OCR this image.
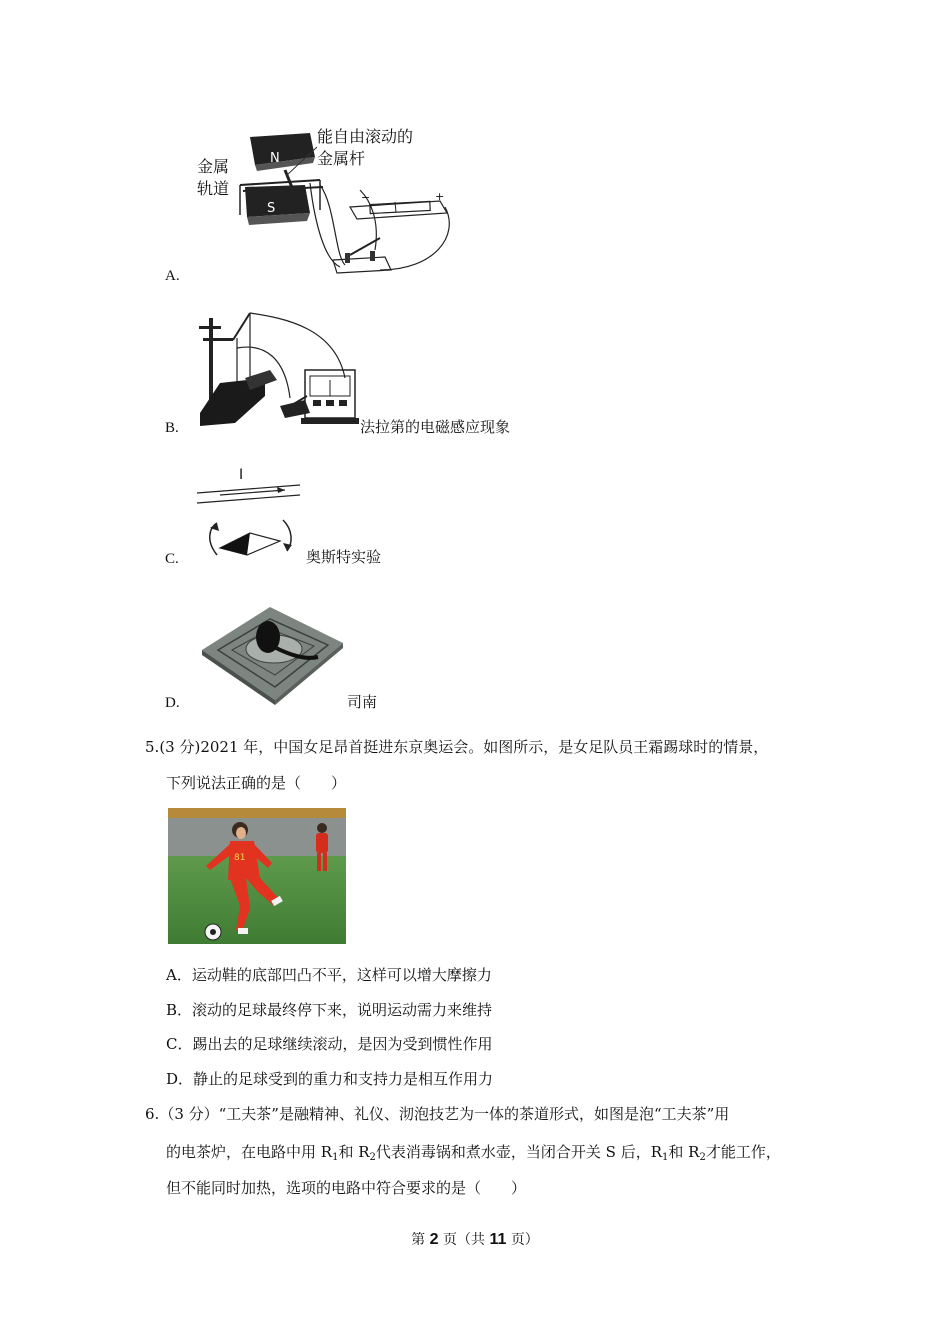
N
S
−	+
能自由滚动的
金属杆
金属
轨道
A.
B.	法拉第的电磁感应现象
I
C.	奥斯特实验
D.	司南
5.(3 分)2021 年，中国女足昂首挺进东京奥运会。如图所示，是女足队员王霜踢球时的情景，
下列说法正确的是（　　）
81
A．运动鞋的底部凹凸不平，这样可以增大摩擦力
B．滚动的足球最终停下来，说明运动需力来维持
C．踢出去的足球继续滚动，是因为受到惯性作用
D．静止的足球受到的重力和支持力是相互作用力
6.（3 分）“工夫茶”是融精神、礼仪、沏泡技艺为一体的茶道形式，如图是泡“工夫茶”用
的电茶炉，在电路中用 $R_1$和 $R_2$代表消毒锅和煮水壶，当闭合开关 S 后，$R_1$和 $R_2$才能工作，
但不能同时加热，选项的电路中符合要求的是（　　）
第 2 页（共 11 页）
